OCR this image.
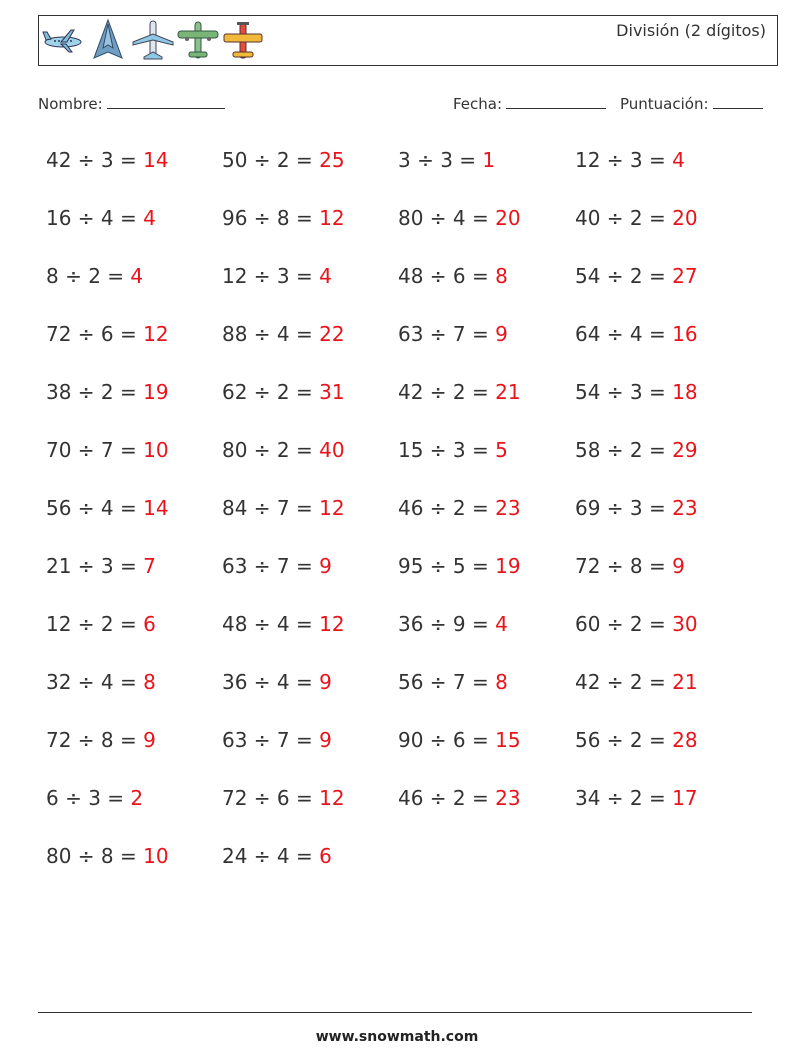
División (2 dígitos)
Nombre:	Fecha:	Puntuación:
42 ÷ 3 = 14	50 ÷ 2 = 25	3 ÷ 3 = 1	12 ÷ 3 = 4
16 ÷ 4 = 4	96 ÷ 8 = 12	80 ÷ 4 = 20	40 ÷ 2 = 20
8 ÷ 2 = 4	12 ÷ 3 = 4	48 ÷ 6 = 8	54 ÷ 2 = 27
72 ÷ 6 = 12	88 ÷ 4 = 22	63 ÷ 7 = 9	64 ÷ 4 = 16
38 ÷ 2 = 19	62 ÷ 2 = 31	42 ÷ 2 = 21	54 ÷ 3 = 18
70 ÷ 7 = 10	80 ÷ 2 = 40	15 ÷ 3 = 5	58 ÷ 2 = 29
56 ÷ 4 = 14	84 ÷ 7 = 12	46 ÷ 2 = 23	69 ÷ 3 = 23
21 ÷ 3 = 7	63 ÷ 7 = 9	95 ÷ 5 = 19	72 ÷ 8 = 9
12 ÷ 2 = 6	48 ÷ 4 = 12	36 ÷ 9 = 4	60 ÷ 2 = 30
32 ÷ 4 = 8	36 ÷ 4 = 9	56 ÷ 7 = 8	42 ÷ 2 = 21
72 ÷ 8 = 9	63 ÷ 7 = 9	90 ÷ 6 = 15	56 ÷ 2 = 28
6 ÷ 3 = 2	72 ÷ 6 = 12	46 ÷ 2 = 23	34 ÷ 2 = 17
80 ÷ 8 = 10	24 ÷ 4 = 6
www.snowmath.com
